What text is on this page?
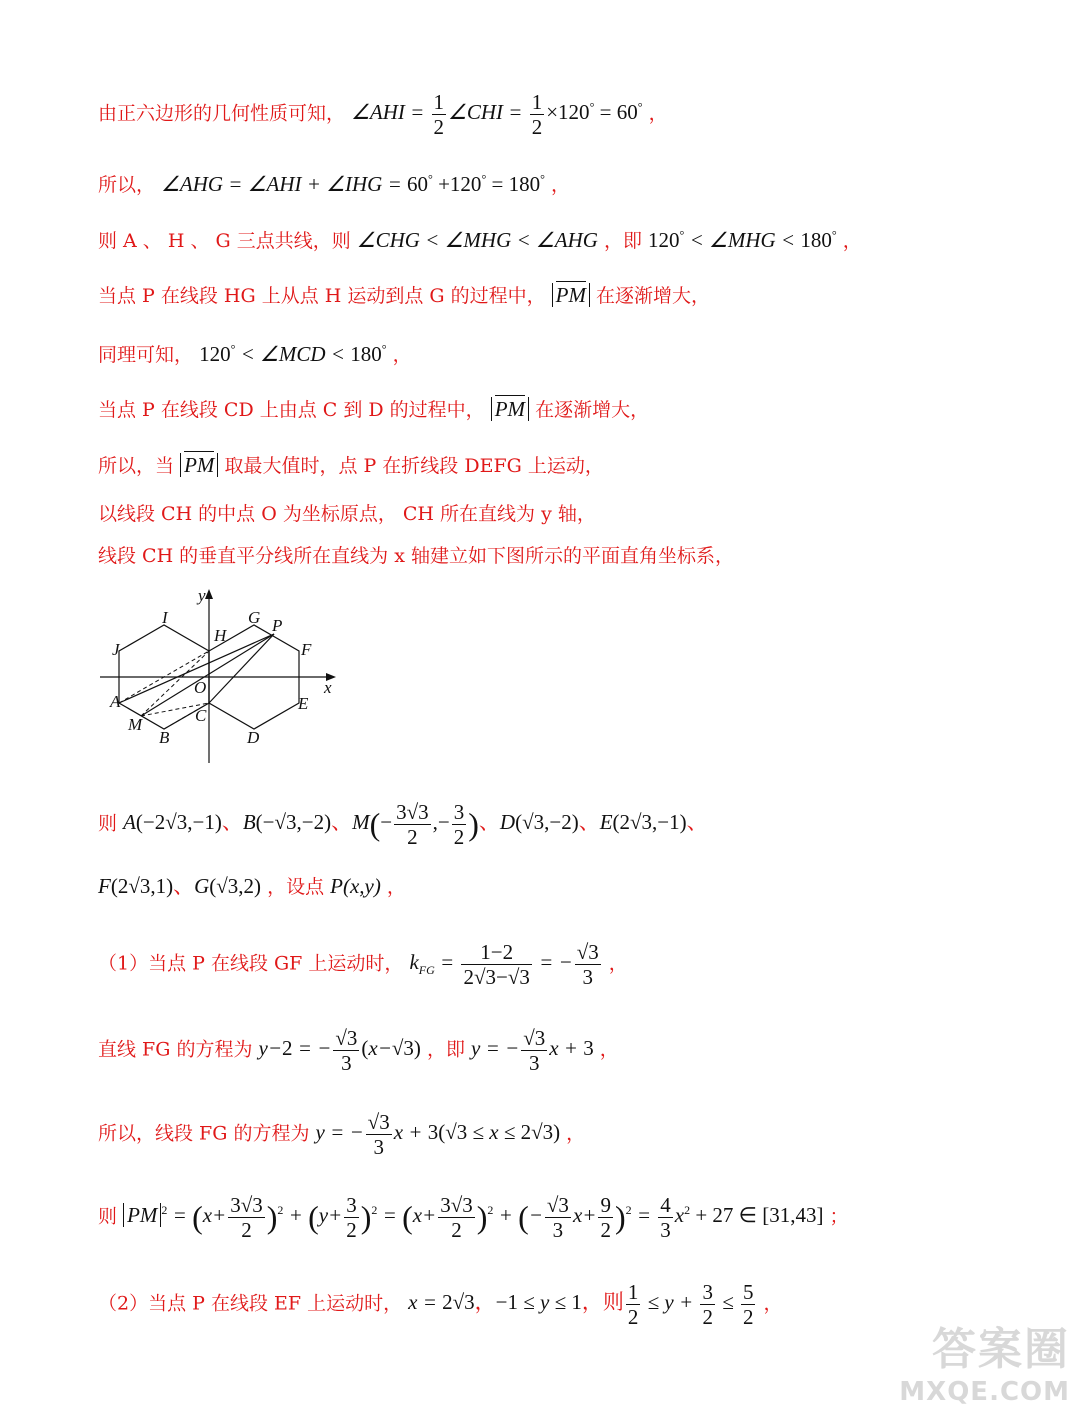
由正六边形的几何性质可知， ∠AHI = $\frac{1}{2}$ ∠CHI = $\frac{1}{2} \times 120^\circ = 60^\circ$ ，
所以， ∠AHG = ∠AHI + ∠IHG = 60° +120° = 180° ，
则 A 、 H 、 G 三点共线，则 ∠CHG < ∠MHG < ∠AHG ，即 120° < ∠MHG < 180° ，
当点 P 在线段 HG 上从点 H 运动到点 G 的过程中， PM 在逐渐增大，
同理可知， 120° < ∠MCD < 180° ，
当点 P 在线段 CD 上由点 C 到 D 的过程中， PM 在逐渐增大，
所以，当 PM 取最大值时，点 P 在折线段 DEFG 上运动，
以线段 CH 的中点 O 为坐标原点， CH 所在直线为 y 轴，
线段 CH 的垂直平分线所在直线为 x 轴建立如下图所示的平面直角坐标系，
y
x
I	G P
H
J	F
O
A	E
C
M
B	D
则 A(−2√3,−1)、B(−√3,−2)、$M(- \frac{3√3}{2}$ ,− $\frac{3}{2}$ )、D(√3,−2)、E(2√3,−1)、
F(2√3,1)、G(√3,2) ，设点 P(x,y) ，
（1）当点 P 在线段 GF 上运动时， $k_{FG} = \frac{1-2}{2√3-√3}$ = − $\frac{√3}{3}$ ，
直线 FG 的方程为 y−2 = − $\frac{√3}{3} (x-√3)$ ，即 y = − $\frac{√3}{3}$ x + 3 ，
所以，线段 FG 的方程为 y = − $\frac{√3}{3}$ x + 3(√3 ≤ x ≤ 2√3) ，
则 PM $^2 = (x+ \frac{3√3}{2} )^2 + (y+ \frac{3}{2} )^2 = (x+ \frac{3√3}{2} )^2$ + (− $\frac{√3}{3} x+ \frac{9}{2} )^2 = \frac{4}{3} x^2 + 27$ ∈ [31,43] ；
（2）当点 P 在线段 EF 上运动时， x = 2√3，−1 ≤ y ≤ 1，则 $\frac{1}{2} \le y + \frac{3}{2} \le \frac{5}{2}$ ，
答案圈
MXQE.COM
